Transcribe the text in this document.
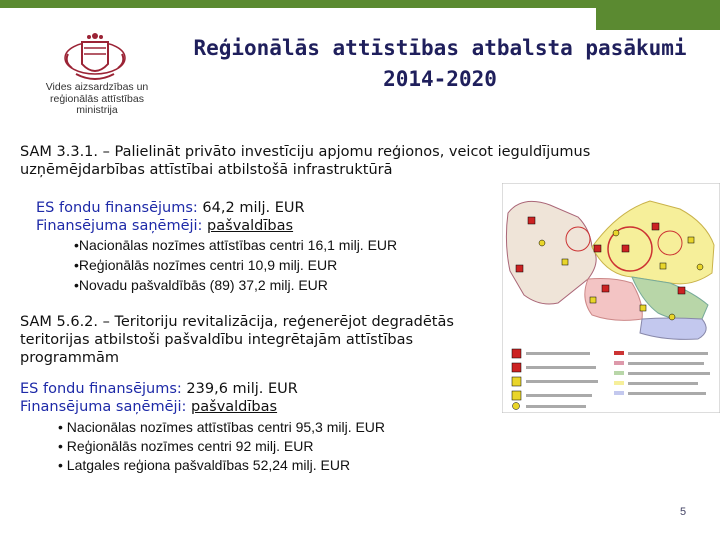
Vides aizsardzības un
reģionālās attīstības
ministrija
Reģionālās attīstības atbalsta pasākumi
2014-2020
SAM 3.3.1. – Palielināt privāto investīciju apjomu reģionos, veicot ieguldījumus
uzņēmējdarbības attīstībai atbilstošā infrastruktūrā
ES fondu finansējums: 64,2 milj. EUR
Finansējuma saņēmēji: pašvaldības
•Nacionālas nozīmes attīstības centri 16,1 milj. EUR
•Reģionālās nozīmes centri 10,9 milj. EUR
•Novadu pašvaldībās (89) 37,2 milj. EUR
SAM 5.6.2. – Teritoriju revitalizācija, reģenerējot degradētās
teritorijas atbilstoši pašvaldību integrētajām attīstības
programmām
ES fondu finansējums: 239,6 milj. EUR
Finansējuma saņēmēji: pašvaldības
• Nacionālas nozīmes attīstības centri 95,3 milj. EUR
• Reģionālās nozīmes centri 92 milj. EUR
• Latgales reģiona pašvaldības 52,24 milj. EUR
5
